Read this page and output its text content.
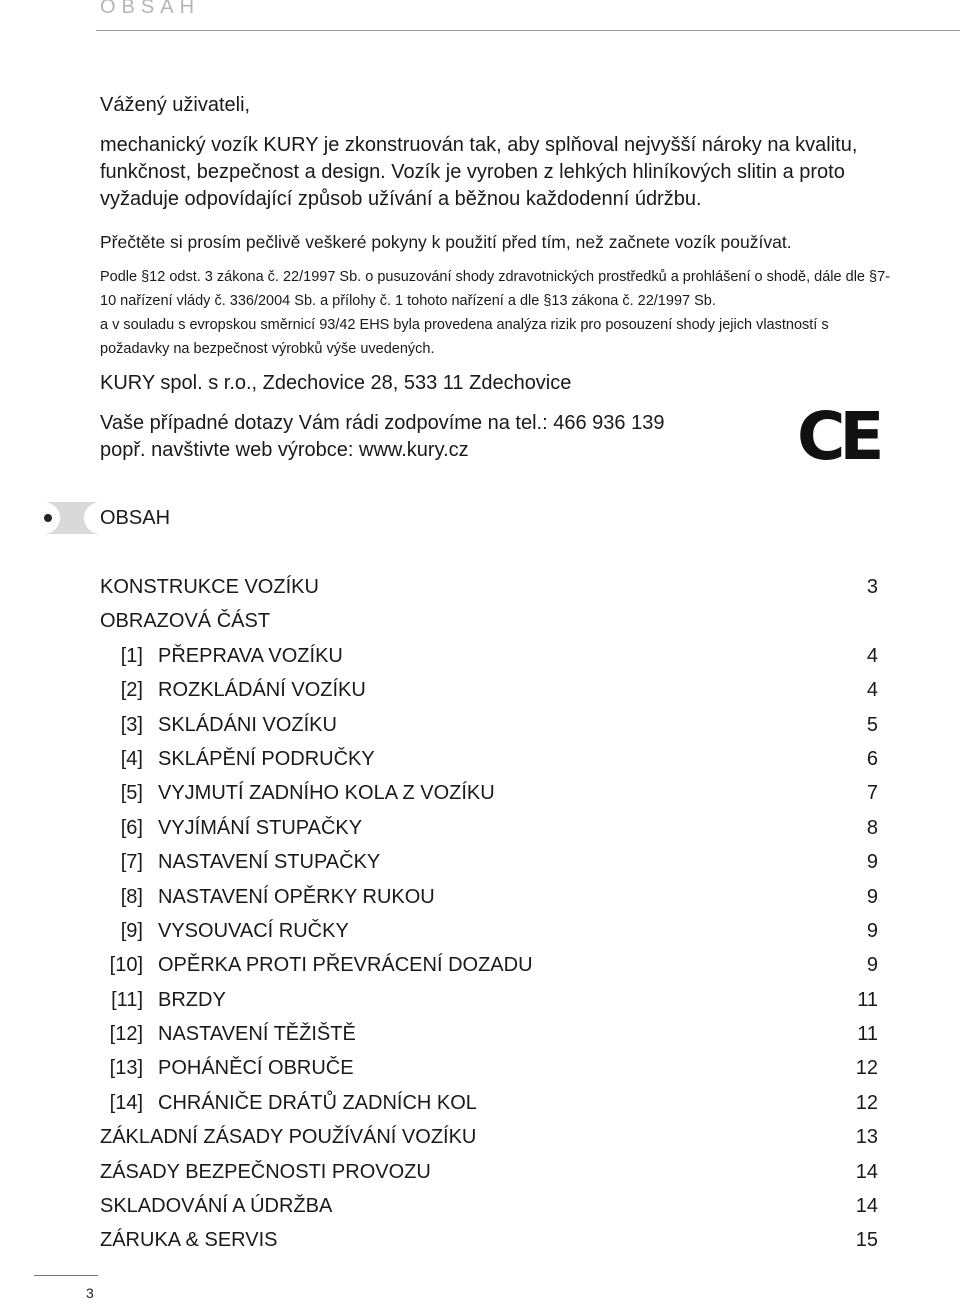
OBSAH

Vážený uživateli,

mechanický vozík KURY je zkonstruován tak, aby splňoval nejvyšší nároky na kvalitu, funkčnost, bezpečnost a design. Vozík je vyroben z lehkých hliníkových slitin a proto vyžaduje odpovídající způsob užívání a běžnou každodenní údržbu.

Přečtěte si prosím pečlivě veškeré pokyny k použití před tím, než začnete vozík používat.

Podle §12 odst. 3 zákona č. 22/1997 Sb. o pusuzování shody zdravotnických prostředků a prohlášení o shodě, dále dle §7- 10 nařízení vlády č. 336/2004 Sb. a přílohy č. 1 tohoto nařízení a dle §13 zákona č. 22/1997 Sb.

a v souladu s evropskou směrnicí 93/42 EHS byla provedena analýza rizik pro posouzení shody jejich vlastností s požadavky na bezpečnost výrobků výše uvedených.

KURY spol. s r.o., Zdechovice 28, 533 11 Zdechovice

Vaše případné dotazy Vám rádi zodpovíme na tel.: 466 936 139

popř. navštivte web výrobce: www.kury.cz	CE
OBSAH
KONSTRUKCE VOZÍKU	3
OBRAZOVÁ ČÁST
[1] PŘEPRAVA VOZÍKU	4
[2] ROZKLÁDÁNÍ VOZÍKU	4
[3] SKLÁDÁNI VOZÍKU	5
[4] SKLÁPĚNÍ PODRUČKY	6
[5] VYJMUTÍ ZADNÍHO KOLA Z VOZÍKU	7
[6] VYJÍMÁNÍ STUPAČKY	8
[7] NASTAVENÍ STUPAČKY	9
[8] NASTAVENÍ OPĚRKY RUKOU	9
[9] VYSOUVACÍ RUČKY	9
[10] OPĚRKA PROTI PŘEVRÁCENÍ DOZADU	9
[11] BRZDY	11
[12] NASTAVENÍ TĚŽIŠTĚ	11
[13] POHÁNĚCÍ OBRUČE	12
[14] CHRÁNIČE DRÁTŮ ZADNÍCH KOL	12
ZÁKLADNÍ ZÁSADY POUŽÍVÁNÍ VOZÍKU	13
ZÁSADY BEZPEČNOSTI PROVOZU	14
SKLADOVÁNÍ A ÚDRŽBA	14
ZÁRUKA & SERVIS	15
3
